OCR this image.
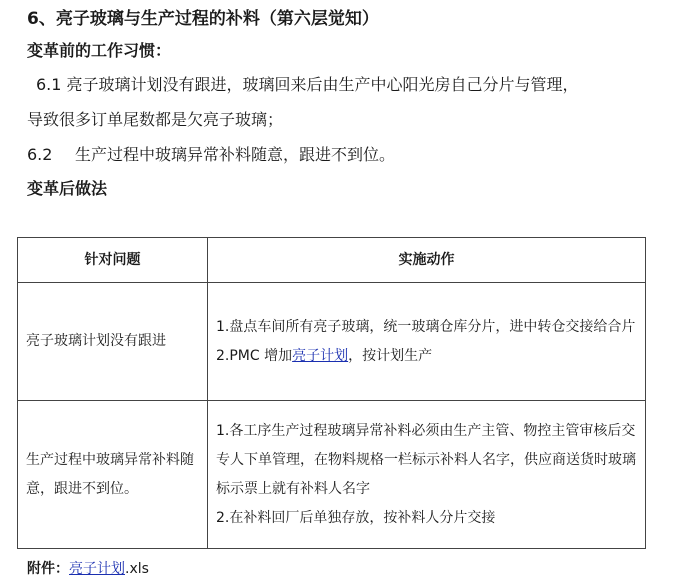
6、亮子玻璃与生产过程的补料（第六层觉知）
变革前的工作习惯：
6.1 亮子玻璃计划没有跟进，玻璃回来后由生产中心阳光房自己分片与管理，
导致很多订单尾数都是欠亮子玻璃；
6.2 生产过程中玻璃异常补料随意，跟进不到位。
变革后做法
针对问题	实施动作
亮子玻璃计划没有跟进	1.盘点车间所有亮子玻璃，统一玻璃仓库分片，进中转仓交接给合片
2.PMC 增加亮子计划，按计划生产

生产过程中玻璃异常补料随意，跟进不到位。	1.各工序生产过程玻璃异常补料必须由生产主管、物控主管审核后交专人下单管理，在物料规格一栏标示补料人名字，供应商送货时玻璃标示票上就有补料人名字
2.在补料回厂后单独存放，按补料人分片交接
附件：亮子计划.xls
